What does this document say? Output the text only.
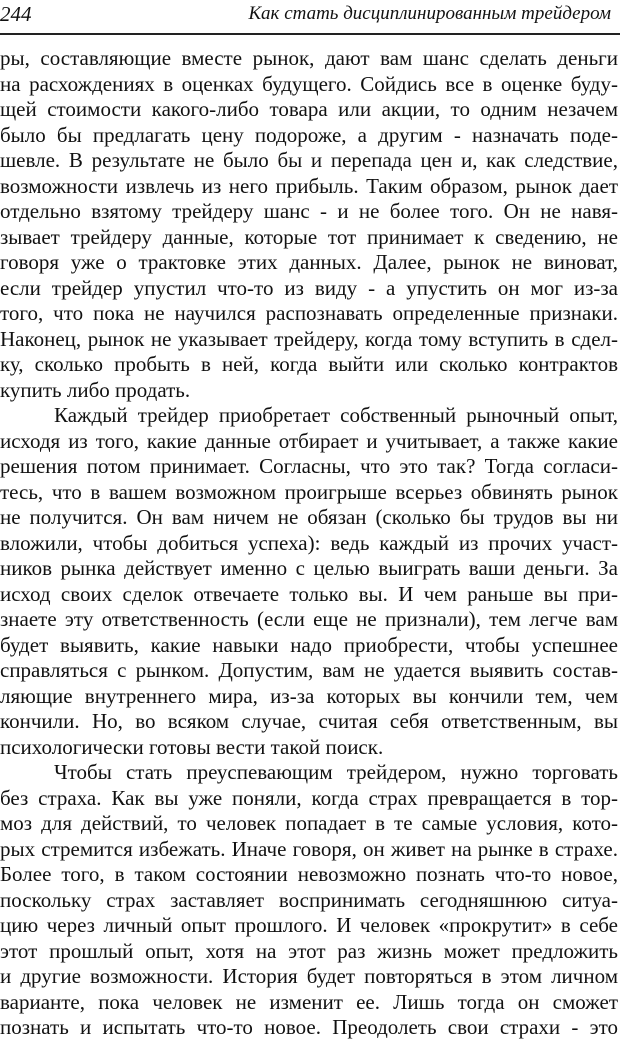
244	Как стать дисциплинированным трейдером
ры, составляющие вместе рынок, дают вам шанс сделать деньги
на расхождениях в оценках будущего. Сойдись все в оценке буду-
щей стоимости какого-либо товара или акции, то одним незачем
было бы предлагать цену подороже, а другим - назначать подe-
шевле. В результате не было бы и перепада цен и, как следствие,
возможности извлечь из него прибыль. Таким образом, рынок дает
отдельно взятому трейдеру шанс - и не более того. Он не навя-
зывает трейдеру данные, которые тот принимает к сведению, не
говоря уже о трактовке этих данных. Далее, рынок не виноват,
если трейдер упустил что-то из виду - а упустить он мог из-за
того, что пока не научился распознавать определенные признаки.
Наконец, рынок не указывает трейдеру, когда тому вступить в сдел-
ку, сколько пробыть в ней, когда выйти или сколько контрактов
купить либо продать.
Каждый трейдер приобретает собственный рыночный опыт,
исходя из того, какие данные отбирает и учитывает, а также какие
решения потом принимает. Согласны, что это так? Тогда согласи-
тесь, что в вашем возможном проигрыше всерьез обвинять рынок
не получится. Он вам ничем не обязан (сколько бы трудов вы ни
вложили, чтобы добиться успеха): ведь каждый из прочих участ-
ников рынка действует именно с целью выиграть ваши деньги. За
исход своих сделок отвечаете только вы. И чем раньше вы при-
знаете эту ответственность (если еще не признали), тем легче вам
будет выявить, какие навыки надо приобрести, чтобы успешнее
справляться с рынком. Допустим, вам не удается выявить состав-
ляющие внутреннего мира, из-за которых вы кончили тем, чем
кончили. Но, во всяком случае, считая себя ответственным, вы
психологически готовы вести такой поиск.
Чтобы стать преуспевающим трейдером, нужно торговать
без страха. Как вы уже поняли, когда страх превращается в тор-
моз для действий, то человек попадает в те самые условия, кото-
рых стремится избежать. Иначе говоря, он живет на рынке в страхе.
Более того, в таком состоянии невозможно познать что-то новое,
поскольку страх заставляет воспринимать сегодняшнюю ситуа-
цию через личный опыт прошлого. И человек «прокрутит» в себе
этот прошлый опыт, хотя на этот раз жизнь может предложить
и другие возможности. История будет повторяться в этом личном
варианте, пока человек не изменит ее. Лишь тогда он сможет
познать и испытать что-то новое. Преодолеть свои страхи - это
